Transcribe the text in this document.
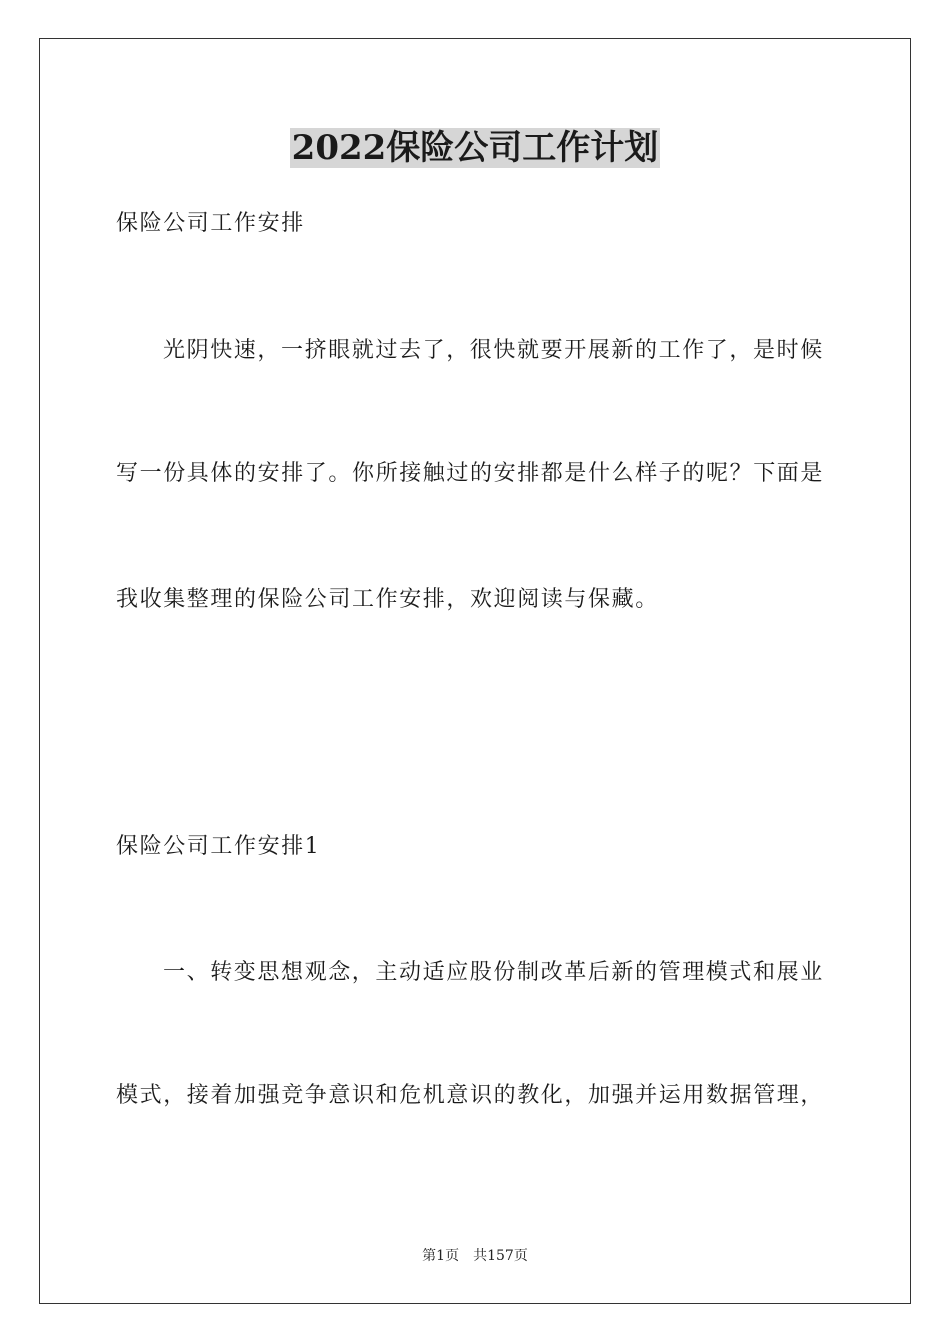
2022保险公司工作计划
保险公司工作安排
光阴快速，一挤眼就过去了，很快就要开展新的工作了，是时候
写一份具体的安排了。你所接触过的安排都是什么样子的呢？下面是
我收集整理的保险公司工作安排，欢迎阅读与保藏。
保险公司工作安排1
一、转变思想观念，主动适应股份制改革后新的管理模式和展业
模式，接着加强竞争意识和危机意识的教化，加强并运用数据管理，
第1页 共157页
